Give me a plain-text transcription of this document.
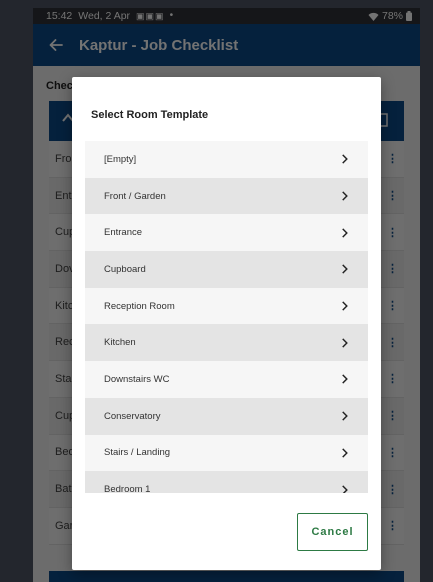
Select Room Template
[Empty]
Front / Garden
Entrance
Cupboard
Reception Room
Kitchen
Downstairs WC
Conservatory
Stairs / Landing
Bedroom 1
Cancel
